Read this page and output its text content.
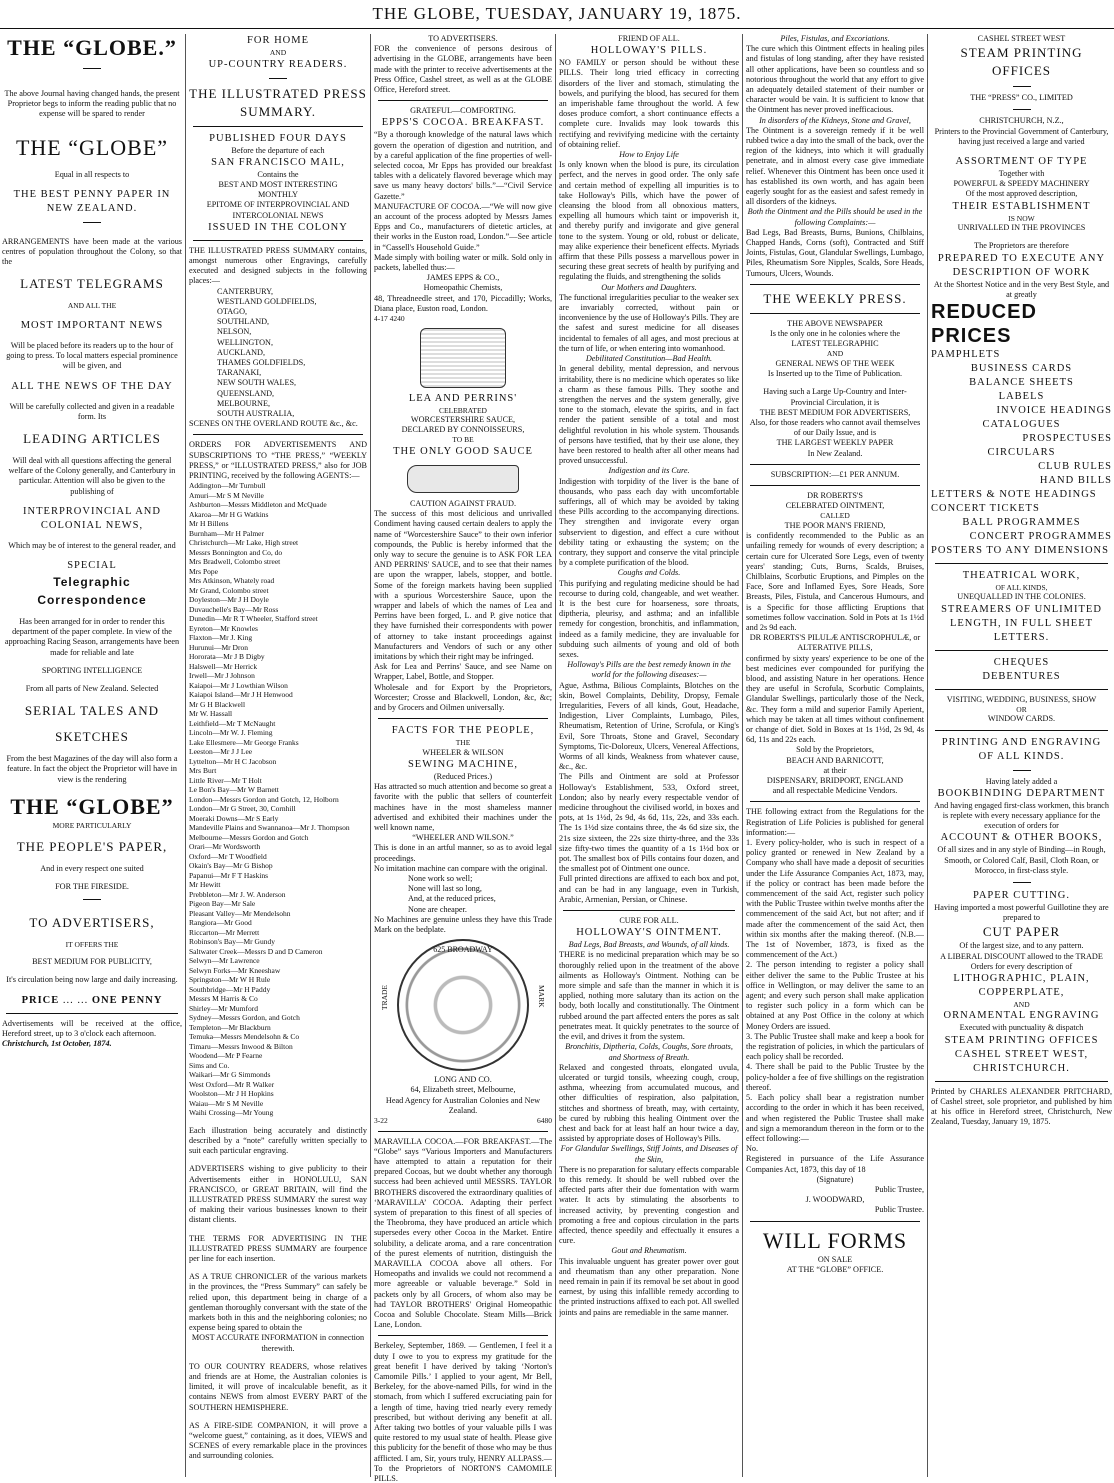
THE GLOBE, TUESDAY, JANUARY 19, 1875.
THE “GLOBE.”
The above Journal having changed hands, the present Proprietor begs to inform the reading public that no expense will be spared to render
THE “GLOBE”
Equal in all respects to
THE BEST PENNY PAPER IN NEW ZEALAND.
ARRANGEMENTS have been made at the various centres of population throughout the Colony, so that the
LATEST TELEGRAMS
AND ALL THE
MOST IMPORTANT NEWS
Will be placed before its readers up to the hour of going to press. To local matters especial prominence will be given, and
ALL THE NEWS OF THE DAY
Will be carefully collected and given in a readable form. Its
LEADING ARTICLES
Will deal with all questions affecting the general welfare of the Colony generally, and Canterbury in particular. Attention will also be given to the publishing of
INTERPROVINCIAL AND COLONIAL NEWS,
Which may be of interest to the general reader, and
SPECIAL
Telegraphic Correspondence
Has been arranged for in order to render this department of the paper complete. In view of the approaching Racing Season, arrangements have been made for reliable and late
SPORTING INTELLIGENCE
From all parts of New Zealand. Selected
SERIAL TALES AND
SKETCHES
From the best Magazines of the day will also form a feature. In fact the object the Proprietor will have in view is the rendering
THE “GLOBE”
MORE PARTICULARLY
THE PEOPLE'S PAPER,
And in every respect one suited
FOR THE FIRESIDE.
TO ADVERTISERS,
IT OFFERS THE
BEST MEDIUM FOR PUBLICITY,
It's circulation being now large and daily increasing.
PRICE ... ... ONE PENNY
Advertisements will be received at the office, Hereford street, up to 3 o'clock each afternoon.
Christchurch, 1st October, 1874.
FOR HOME
AND
UP-COUNTRY READERS.
THE ILLUSTRATED PRESS SUMMARY.
PUBLISHED FOUR DAYS
Before the departure of each
SAN FRANCISCO MAIL,
Contains the
BEST AND MOST INTERESTING
MONTHLY
EPITOME OF INTERPROVINCIAL AND
INTERCOLONIAL NEWS
ISSUED IN THE COLONY
THE ILLUSTRATED PRESS SUMMARY contains, amongst numerous other Engravings, carefully executed and designed subjects in the following places:—
CANTERBURY,
WESTLAND GOLDFIELDS,
OTAGO,
SOUTHLAND,
NELSON,
WELLINGTON,
AUCKLAND,
THAMES GOLDFIELDS,
TARANAKI,
NEW SOUTH WALES,
QUEENSLAND,
MELBOURNE,
SOUTH AUSTRALIA,
SCENES ON THE OVERLAND ROUTE &c., &c.
ORDERS FOR ADVERTISEMENTS AND SUBSCRIPTIONS TO “THE PRESS,” “WEEKLY PRESS,” or “ILLUSTRATED PRESS,” also for JOB PRINTING, received by the following AGENTS:—
Addington—Mr Turnbull
Amuri—Mr S M Neville
Ashburton—Messrs Middleton and McQuade
Akaroa—Mr H G Watkins
Mr H Billens
Burnham—Mr H Palmer
Christchurch—Mr Lake, High street
Messrs Bonnington and Co, do
Mrs Bradwell, Colombo street
Mrs Pope
Mrs Atkinson, Whately road
Mr Grand, Colombo street
Doyleston—Mr J H Doyle
Duvauchelle's Bay—Mr Ross
Dunedin—Mr R T Wheeler, Stafford street
Eyreton—Mr Knowles
Flaxton—Mr J. King
Hurunui—Mr Dron
Hororata—Mr J B Digby
Halswell—Mr Herrick
Irwell—Mr J Johnson
Kaiapoi—Mr J Lowthian Wilson
Kaiapoi Island—Mr J H Henwood
Mr G H Blackwell
Mr W. Hassall
Leithfield—Mr T McNaught
Lincoln—Mr W. J. Fleming
Lake Ellesmere—Mr George Franks
Leeston—Mr J J Lee
Lyttelton—Mr H C Jacobson
Mrs Burt
Little River—Mr T Holt
Le Bon's Bay—Mr W Barnett
London—Messrs Gordon and Gotch, 12, Holborn
London—Mr G Street, 30, Cornhill
Moeraki Downs—Mr S Early
Mandeville Plains and Swannanoa—Mr J. Thompson
Melbourne—Messrs Gordon and Gotch
Orari—Mr Wordsworth
Oxford—Mr T Woodfield
Okain's Bay—Mr G Bishop
Papanui—Mr F T Haskins
Mr Hewitt
Prebbleton—Mr J. W. Anderson
Pigeon Bay—Mr Sale
Pleasant Valley—Mr Mendelsohn
Rangiora—Mr Good
Riccarton—Mr Merrett
Robinson's Bay—Mr Gundy
Saltwater Creek—Messrs D and D Cameron
Selwyn—Mr Lawrence
Selwyn Forks—Mr Kneeshaw
Springston—Mr W H Rule
Southbridge—Mr H Paddy
Messrs M Harris & Co
Shirley—Mr Mumford
Sydney—Messrs Gordon, and Gotch
Templeton—Mr Blackburn
Temuka—Messrs Mendelsohn & Co
Timaru—Messrs Inwood & Bilton
Woodend—Mr P Fearne
Sims and Co.
Waikari—Mr G Simmonds
West Oxford—Mr R Walker
Woolston—Mr J H Hopkins
Waiau—Mr S M Neville
Waihi Crossing—Mr Young
Each illustration being accurately and distinctly described by a “note” carefully written specially to suit each particular engraving.
ADVERTISERS wishing to give publicity to their Advertisements either in HONOLULU, SAN FRANCISCO, or GREAT BRITAIN, will find the ILLUSTRATED PRESS SUMMARY the surest way of making their various businesses known to their distant clients.
THE TERMS FOR ADVERTISING IN THE ILLUSTRATED PRESS SUMMARY are fourpence per line for each insertion.
AS A TRUE CHRONICLER of the various markets in the provinces, the “Press Summary” can safely be relied upon, this department being in charge of a gentleman thoroughly conversant with the state of the markets both in this and the neighboring colonies; no expense being spared to obtain the
MOST ACCURATE INFORMATION in connection therewith.
TO OUR COUNTRY READERS, whose relatives and friends are at Home, the Australian colonies is limited, it will prove of incalculable benefit, as it contains NEWS from almost EVERY PART of the SOUTHERN HEMISPHERE.
AS A FIRE-SIDE COMPANION, it will prove a “welcome guest,” containing, as it does, VIEWS and SCENES of every remarkable place in the provinces and surrounding colonies.
TO ADVERTISERS.
FOR the convenience of persons desirous of advertising in the GLOBE, arrangements have been made with the printer to receive advertisements at the Press Office, Cashel street, as well as at the GLOBE Office, Hereford street.
GRATEFUL—COMFORTING.
EPPS'S COCOA. BREAKFAST.
“By a thorough knowledge of the natural laws which govern the operation of digestion and nutrition, and by a careful application of the fine properties of well-selected cocoa, Mr Epps has provided our breakfast tables with a delicately flavored beverage which may save us many heavy doctors' bills.”—“Civil Service Gazette.”
MANUFACTURE OF COCOA.—“We will now give an account of the process adopted by Messrs James Epps and Co., manufacturers of dietetic articles, at their works in the Euston road, London.”—See article in “Cassell's Household Guide.”
Made simply with boiling water or milk. Sold only in packets, labelled thus:—
JAMES EPPS & CO.,
Homeopathic Chemists,
48, Threadneedle street, and 170, Piccadilly; Works, Diana place, Euston road, London.
4-17 4240
LEA AND PERRINS'
CELEBRATED
WORCESTERSHIRE SAUCE,
DECLARED BY CONNOISSEURS,
TO BE
THE ONLY GOOD SAUCE
CAUTION AGAINST FRAUD.
The success of this most delicious and unrivalled Condiment having caused certain dealers to apply the name of “Worcestershire Sauce” to their own inferior compounds, the Public is hereby informed that the only way to secure the genuine is to ASK FOR LEA AND PERRINS' SAUCE, and to see that their names are upon the wrapper, labels, stopper, and bottle. Some of the foreign markets having been supplied with a spurious Worcestershire Sauce, upon the wrapper and labels of which the names of Lea and Perrins have been forged, L. and P. give notice that they have furnished their correspondents with power of attorney to take instant proceedings against Manufacturers and Vendors of such or any other imitations by which their right may be infringed.
Ask for Lea and Perrins' Sauce, and see Name on Wrapper, Label, Bottle, and Stopper.
Wholesale and for Export by the Proprietors, Worcester; Crosse and Blackwell, London, &c, &c; and by Grocers and Oilmen universally.
FACTS FOR THE PEOPLE,
THE
WHEELER & WILSON
SEWING MACHINE,
(Reduced Prices.)
Has attracted so much attention and become so great a favorite with the public that sellers of counterfeit machines have in the most shameless manner advertised and exhibited their machines under the well known name,
“WHEELER AND WILSON.”
This is done in an artful manner, so as to avoid legal proceedings.
No imitation machine can compare with the original.
None work so well;
None will last so long,
And, at the reduced prices,
None are cheaper.
No Machines are genuine unless they have this Trade Mark on the bedplate.
TRADE
625 BROADWAY
MARK
LONG AND CO.
64, Elizabeth street, Melbourne,
Head Agency for Australian Colonies and New Zealand.
3-22	6480
MARAVILLA COCOA.—FOR BREAKFAST.—The “Globe” says “Various Importers and Manufacturers have attempted to attain a reputation for their prepared Cocoas, but we doubt whether any thorough success had been achieved until MESSRS. TAYLOR BROTHERS discovered the extraordinary qualities of ‘MARAVILLA’ COCOA. Adapting their perfect system of preparation to this finest of all species of the Theobroma, they have produced an article which supersedes every other Cocoa in the Market. Entire solubility, a delicate aroma, and a rare concentration of the purest elements of nutrition, distinguish the MARAVILLA COCOA above all others. For Homeopaths and invalids we could not recommend a more agreeable or valuable beverage.” Sold in packets only by all Grocers, of whom also may be had TAYLOR BROTHERS' Original Homeopathic Cocoa and Soluble Chocolate. Steam Mills—Brick Lane, London.
Berkeley, September, 1869. — Gentlemen, I feel it a duty I owe to you to express my gratitude for the great benefit I have derived by taking ‘Norton's Camomile Pills.’ I applied to your agent, Mr Bell, Berkeley, for the above-named Pills, for wind in the stomach, from which I suffered excruciating pain for a length of time, having tried nearly every remedy prescribed, but without deriving any benefit at all. After taking two bottles of your valuable pills I was quite restored to my usual state of health. Please give this publicity for the benefit of those who may be thus afflicted. I am, Sir, yours truly, HENRY ALLPASS.—To the Proprietors of NORTON'S CAMOMILE PILLS.
FRIEND OF ALL.
HOLLOWAY'S PILLS.
NO FAMILY or person should be without these PILLS. Their long tried efficacy in correcting disorders of the liver and stomach, stimulating the bowels, and purifying the blood, has secured for them an imperishable fame throughout the world. A few doses produce comfort, a short continuance effects a complete cure. Invalids may look towards this rectifying and revivifying medicine with the certainty of obtaining relief.
How to Enjoy Life
Is only known when the blood is pure, its circulation perfect, and the nerves in good order. The only safe and certain method of expelling all impurities is to take Holloway's Pills, which have the power of cleansing the blood from all obnoxious matters, expelling all humours which taint or impoverish it, and thereby purify and invigorate and give general tone to the system. Young or old, robust or delicate, may alike experience their beneficent effects. Myriads affirm that these Pills possess a marvellous power in securing these great secrets of health by purifying and regulating the fluids, and strengthening the solids
Our Mothers and Daughters.
The functional irregularities peculiar to the weaker sex are invariably corrected, without pain or inconvenience by the use of Holloway's Pills. They are the safest and surest medicine for all diseases incidental to females of all ages, and most precious at the turn of life, or when entering into womanhood.
Debilitated Constitution—Bad Health.
In general debility, mental depression, and nervous irritability, there is no medicine which operates so like a charm as these famous Pills. They soothe and strengthen the nerves and the system generally, give tone to the stomach, elevate the spirits, and in fact render the patient sensible of a total and most delightful revolution in his whole system. Thousands of persons have testified, that by their use alone, they have been restored to health after all other means had proved unsuccessful.
Indigestion and its Cure.
Indigestion with torpidity of the liver is the bane of thousands, who pass each day with uncomfortable sufferings, all of which may be avoided by taking these Pills according to the accompanying directions. They strengthen and invigorate every organ subservient to digestion, and effect a cure without debility tating or exhausting the system; on the contrary, they support and conserve the vital principle by a complete purification of the blood.
Coughs and Colds.
This purifying and regulating medicine should be had recourse to during cold, changeable, and wet weather. It is the best cure for hoarseness, sore throats, diptheria, pleurisy, and asthma; and an infallible remedy for congestion, bronchitis, and inflammation, indeed as a family medicine, they are invaluable for subduing such ailments of young and old of both sexes.
Holloway's Pills are the best remedy known in the world for the following diseases:—
Ague, Asthma, Bilious Complaints, Blotches on the skin, Bowel Complaints, Debility, Dropsy, Female Irregularities, Fevers of all kinds, Gout, Headache, Indigestion, Liver Complaints, Lumbago, Piles, Rheumatism, Retention of Urine, Scrofula, or King's Evil, Sore Throats, Stone and Gravel, Secondary Symptoms, Tic-Doloreux, Ulcers, Venereal Affections, Worms of all kinds, Weakness from whatever cause, &c., &c.
The Pills and Ointment are sold at Professor Holloway's Establishment, 533, Oxford street, London; also by nearly every respectable vendor of medicine throughout the civilised world, in boxes and pots, at 1s 1½d, 2s 9d, 4s 6d, 11s, 22s, and 33s each. The 1s 1½d size contains three, the 4s 6d size six, the 21s size sixteen, the 22s size thirty-three, and the 33s size fifty-two times the quantity of a 1s 1½d box or pot. The smallest box of Pills contains four dozen, and the smallest pot of Ointment one ounce.
Full printed directions are affixed to each box and pot, and can be had in any language, even in Turkish, Arabic, Armenian, Persian, or Chinese.
CURE FOR ALL.
HOLLOWAY'S OINTMENT.
Bad Legs, Bad Breasts, and Wounds, of all kinds.
THERE is no medicinal preparation which may be so thoroughly relied upon in the treatment of the above ailments as Holloway's Ointment. Nothing can be more simple and safe than the manner in which it is applied, nothing more salutary than its action on the body, both locally and constitutionally. The Ointment rubbed around the part affected enters the pores as salt penetrates meat. It quickly penetrates to the source of the evil, and drives it from the system.
Bronchitis, Diptheria, Colds, Coughs, Sore throats, and Shortness of Breath.
Relaxed and congested throats, elongated uvula, ulcerated or turgid tonsils, wheezing cough, croup, asthma, wheezing from accumulated mucous, and other difficulties of respiration, also palpitation, stitches and shortness of breath, may, with certainty, be cured by rubbing this healing Ointment over the chest and back for at least half an hour twice a day, assisted by appropriate doses of Holloway's Pills.
For Glandular Swellings, Stiff Joints, and Diseases of the Skin,
There is no preparation for salutary effects comparable to this remedy. It should be well rubbed over the affected parts after their due fomentation with warm water. It acts by stimulating the absorbents to increased activity, by preventing congestion and promoting a free and copious circulation in the parts affected, thence speedily and effectually it ensures a cure.
Gout and Rheumatism.
This invaluable unguent has greater power over gout and rheumatism than any other preparation. None need remain in pain if its removal be set about in good earnest, by using this infallible remedy according to the printed instructions affixed to each pot. All swelled joints and pains are remediable in the same manner.
Piles, Fistulas, and Excoriations.
The cure which this Ointment effects in healing piles and fistulas of long standing, after they have resisted all other applications, have been so countless and so notorious throughout the world that any effort to give an adequately detailed statement of their number or character would be vain. It is sufficient to know that the Ointment has never proved inefficacious.
In disorders of the Kidneys, Stone and Gravel,
The Ointment is a sovereign remedy if it be well rubbed twice a day into the small of the back, over the region of the kidneys, into which it will gradually penetrate, and in almost every case give immediate relief. Whenever this Ointment has been once used it has established its own worth, and has again been eagerly sought for as the easiest and safest remedy in all disorders of the kidneys.
Both the Ointment and the Pills should be used in the following Complaints:—
Bad Legs, Bad Breasts, Burns, Bunions, Chilblains, Chapped Hands, Corns (soft), Contracted and Stiff Joints, Fistulas, Gout, Glandular Swellings, Lumbago, Piles, Rheumatism Sore Nipples, Scalds, Sore Heads, Tumours, Ulcers, Wounds.
THE WEEKLY PRESS.
THE ABOVE NEWSPAPER
Is the only one in he colonies where the
LATEST TELEGRAPHIC
AND
GENERAL NEWS OF THE WEEK
Is Inserted up to the Time of Publication.
Having such a Large Up-Country and Inter-
Provincial Circulation, it is
THE BEST MEDIUM FOR ADVERTISERS,
Also, for those readers who cannot avail themselves of our Daily Issue, and is
THE LARGEST WEEKLY PAPER
In New Zealand.
SUBSCRIPTION:—£1 PER ANNUM.
DR ROBERTS'S
CELEBRATED OINTMENT,
CALLED
THE POOR MAN'S FRIEND,
is confidently recommended to the Public as an unfailing remedy for wounds of every description; a certain cure for Ulcerated Sore Legs, even of twenty years' standing; Cuts, Burns, Scalds, Bruises, Chilblains, Scorbutic Eruptions, and Pimples on the Face, Sore and Inflamed Eyes, Sore Heads, Sore Breasts, Piles, Fistula, and Cancerous Humours, and is a Specific for those afflicting Eruptions that sometimes follow vaccination. Sold in Pots at 1s 1½d and 2s 9d each.
DR ROBERTS'S PILULÆ ANTISCROPHULÆ, or ALTERATIVE PILLS,
confirmed by sixty years' experience to be one of the best medicines ever compounded for purifying the blood, and assisting Nature in her operations. Hence they are useful in Scrofula, Scorbutic Complaints, Glandular Swellings, particularly those of the Neck, &c. They form a mild and superior Family Aperient, which may be taken at all times without confinement or change of diet. Sold in Boxes at 1s 1½d, 2s 9d, 4s 6d, 11s and 22s each.
Sold by the Proprietors,
BEACH AND BARNICOTT,
at their
DISPENSARY, BRIDPORT, ENGLAND
and all respectable Medicine Vendors.
THE following extract from the Regulations for the Registration of Life Policies is published for general information:—
1. Every policy-holder, who is such in respect of a policy granted or renewed in New Zealand by a Company who shall have made a deposit of securities under the Life Assurance Companies Act, 1873, may, if the policy or contract has been made before the commencement of the said Act, register such policy with the Public Trustee within twelve months after the commencement of the said Act, but not after; and if made after the commencement of the said Act, then within six months after the making thereof. (N.B.—The 1st of November, 1873, is fixed as the commencement of the Act.)
2. The person intending to register a policy shall either deliver the same to the Public Trustee at his office in Wellington, or may deliver the same to an agent; and every such person shall make application to register such policy in a form which can be obtained at any Post Office in the colony at which Money Orders are issued.
3. The Public Trustee shall make and keep a book for the registration of policies, in which the particulars of each policy shall be recorded.
4. There shall be paid to the Public Trustee by the policy-holder a fee of five shillings on the registration thereof.
5. Each policy shall bear a registration number according to the order in which it has been received, and when registered the Public Trustee shall make and sign a memorandum thereon in the form or to the effect following:—
No.
Registered in pursuance of the Life Assurance Companies Act, 1873, this day of 18
(Signature)
Public Trustee,
J. WOODWARD,
Public Trustee.
WILL FORMS
ON SALE
AT THE “GLOBE” OFFICE.
CASHEL STREET WEST
STEAM PRINTING OFFICES
THE “PRESS” CO., LIMITED
CHRISTCHURCH, N.Z.,
Printers to the Provincial Government of Canterbury, having just received a large and varied
ASSORTMENT OF TYPE
Together with
POWERFUL & SPEEDY MACHINERY
Of the most approved description,
THEIR ESTABLISHMENT
IS NOW
UNRIVALLED IN THE PROVINCES
The Proprietors are therefore
PREPARED TO EXECUTE ANY
DESCRIPTION OF WORK
At the Shortest Notice and in the very Best Style, and at greatly
REDUCED PRICES
PAMPHLETS
BUSINESS CARDS
BALANCE SHEETS
LABELS
INVOICE HEADINGS
CATALOGUES
PROSPECTUSES
CIRCULARS
CLUB RULES
HAND BILLS
LETTERS & NOTE HEADINGS
CONCERT TICKETS
BALL PROGRAMMES
CONCERT PROGRAMMES
POSTERS TO ANY DIMENSIONS
THEATRICAL WORK,
OF ALL KINDS,
UNEQUALLED IN THE COLONIES.
STREAMERS OF UNLIMITED
LENGTH, IN FULL SHEET
LETTERS.
CHEQUES
DEBENTURES
VISITING, WEDDING, BUSINESS, SHOW
OR
WINDOW CARDS.
PRINTING AND ENGRAVING
OF ALL KINDS.
Having lately added a
BOOKBINDING DEPARTMENT
And having engaged first-class workmen, this branch is replete with every necessary appliance for the execution of orders for
ACCOUNT & OTHER BOOKS,
Of all sizes and in any style of Binding—in Rough, Smooth, or Colored Calf, Basil, Cloth Roan, or Morocco, in first-class style.
PAPER CUTTING.
Having imported a most powerful Guillotine they are prepared to
CUT PAPER
Of the largest size, and to any pattern.
A LIBERAL DISCOUNT allowed to the TRADE
Orders for every description of
LITHOGRAPHIC, PLAIN,
COPPERPLATE,
AND
ORNAMENTAL ENGRAVING
Executed with punctuality & dispatch
STEAM PRINTING OFFICES
CASHEL STREET WEST,
CHRISTCHURCH.
Printed by CHARLES ALEXANDER PRITCHARD, of Cashel street, sole proprietor, and published by him at his office in Hereford street, Christchurch, New Zealand, Tuesday, January 19, 1875.
